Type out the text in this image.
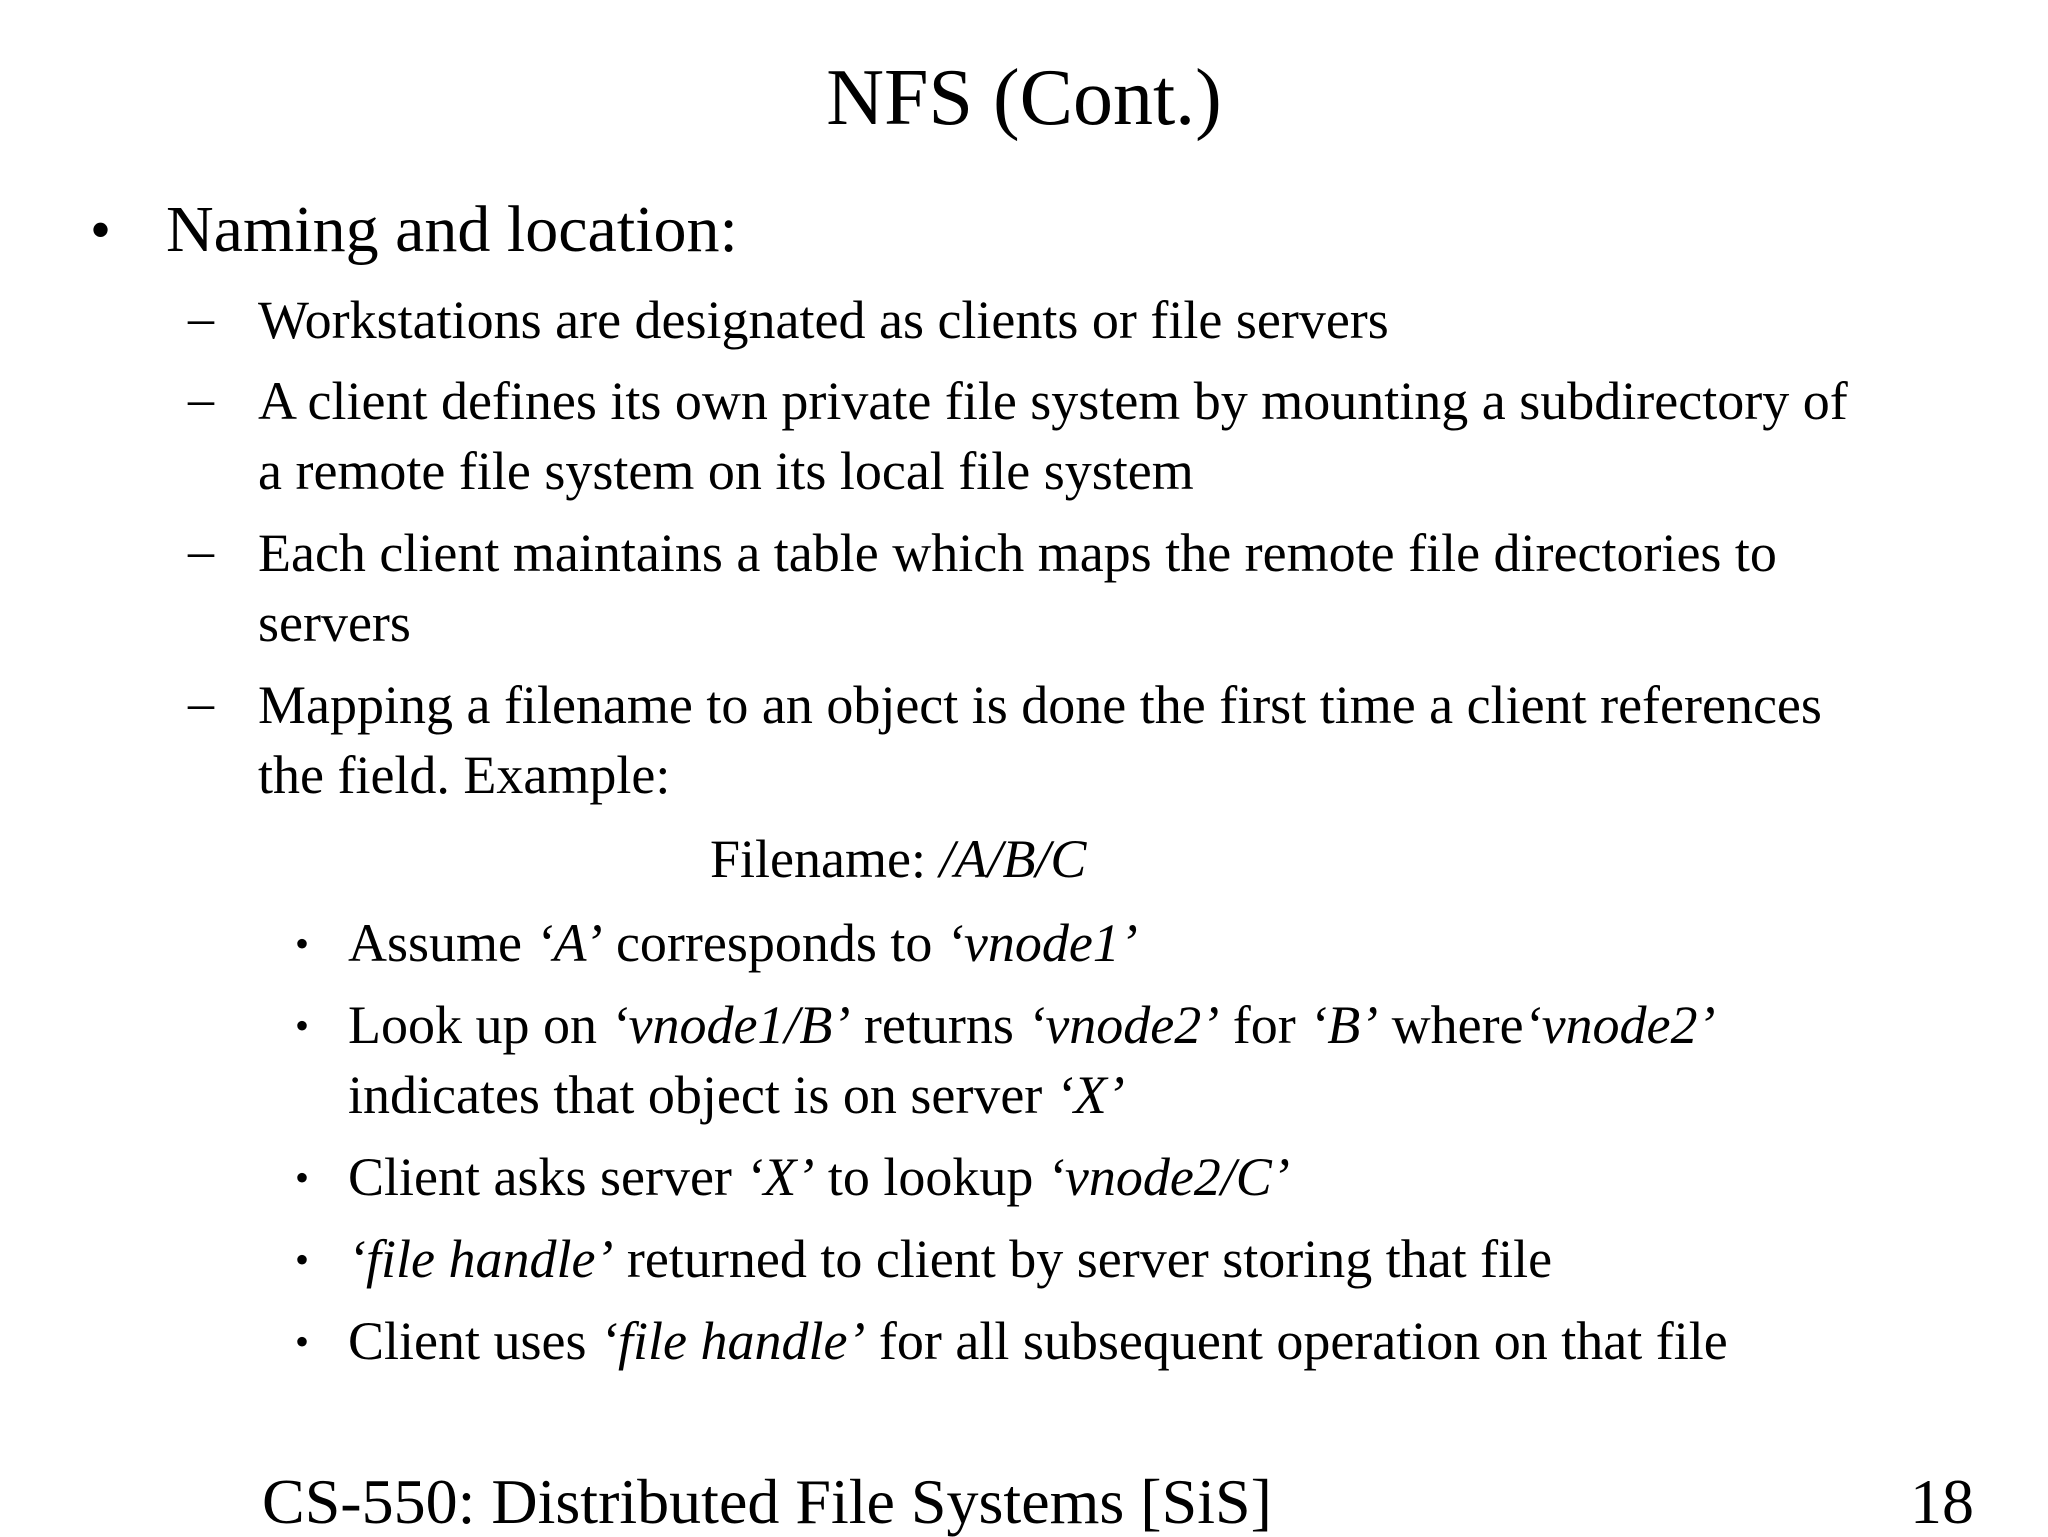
NFS (Cont.)
• Naming and location:
– Workstations are designated as clients or file servers
– A client defines its own private file system by mounting a subdirectory of
a remote file system on its local file system
– Each client maintains a table which maps the remote file directories to
servers
– Mapping a filename to an object is done the first time a client references
the field. Example:
Filename: /A/B/C
• Assume ‘A’ corresponds to ‘vnode1’
• Look up on ‘vnode1/B’ returns ‘vnode2’ for ‘B’ where‘vnode2’
indicates that object is on server ‘X’
• Client asks server ‘X’ to lookup ‘vnode2/C’
• ‘file handle’ returned to client by server storing that file
• Client uses ‘file handle’ for all subsequent operation on that file
CS-550: Distributed File Systems [SiS]	18
